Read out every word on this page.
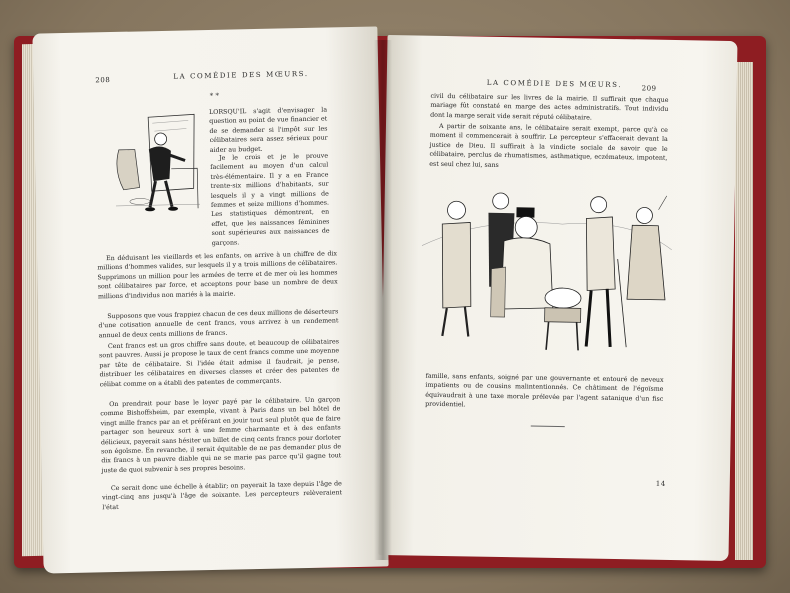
208	LA COMÉDIE DES MŒURS.
* *

LORSQU'IL s'agit d'envisager la question au point de vue financier et de se demander si l'impôt sur les célibataires sera assez sérieux pour aider au budget.

Je le crois et je le prouve facilement au moyen d'un calcul très-élémentaire. Il y a en France trente-six millions d'habitants, sur lesquels il y a vingt millions de femmes et seize millions d'hommes. Les statistiques démontrent, en effet, que les naissances féminines sont supérieures aux naissances de garçons.

En déduisant les vieillards et les enfants, on arrive à un chiffre de dix millions d'hommes valides, sur lesquels il y a trois millions de célibataires. Supprimons un million pour les armées de terre et de mer où les hommes sont célibataires par force, et acceptons pour base un nombre de deux millions d'individus non mariés à la mairie.

Supposons que vous frappiez chacun de ces deux millions de déserteurs d'une cotisation annuelle de cent francs, vous arrivez à un rendement annuel de deux cents millions de francs.

Cent francs est un gros chiffre sans doute, et beaucoup de célibataires sont pauvres. Aussi je propose le taux de cent francs comme une moyenne par tête de célibataire. Si l'idée était admise il faudrait, je pense, distribuer les célibataires en diverses classes et créer des patentes de célibat comme on a établi des patentes de commerçants.

On prendrait pour base le loyer payé par le célibataire. Un garçon comme Bishoffsheim, par exemple, vivant à Paris dans un bel hôtel de vingt mille francs par an et préférant en jouir tout seul plutôt que de faire partager son heureux sort à une femme charmante et à des enfants délicieux, payerait sans hésiter un billet de cinq cents francs pour dorloter son égoïsme. En revanche, il serait équitable de ne pas demander plus de dix francs à un pauvre diable qui ne se marie pas parce qu'il gagne tout juste de quoi subvenir à ses propres besoins.

Ce serait donc une échelle à établir; on payerait la taxe depuis l'âge de vingt-cinq ans jusqu'à l'âge de soixante. Les percepteurs relèveraient l'état

LA COMÉDIE DES MŒURS.	209

civil du célibataire sur les livres de la mairie. Il suffirait que chaque mariage fût constaté en marge des actes administratifs. Tout individu dont la marge serait vide serait réputé célibataire.

A partir de soixante ans, le célibataire serait exempt, parce qu'à ce moment il commencerait à souffrir. Le percepteur s'effacerait devant la justice de Dieu. Il suffirait à la vindicte sociale de savoir que le célibataire, perclus de rhumatismes, asthmatique, eczémateux, impotent, est seul chez lui, sans

famille, sans enfants, soigné par une gouvernante et entouré de neveux impatients ou de cousins malintentionnés. Ce châtiment de l'égoïsme équivaudrait à une taxe morale prélevée par l'agent satanique d'un fisc providentiel.

14
